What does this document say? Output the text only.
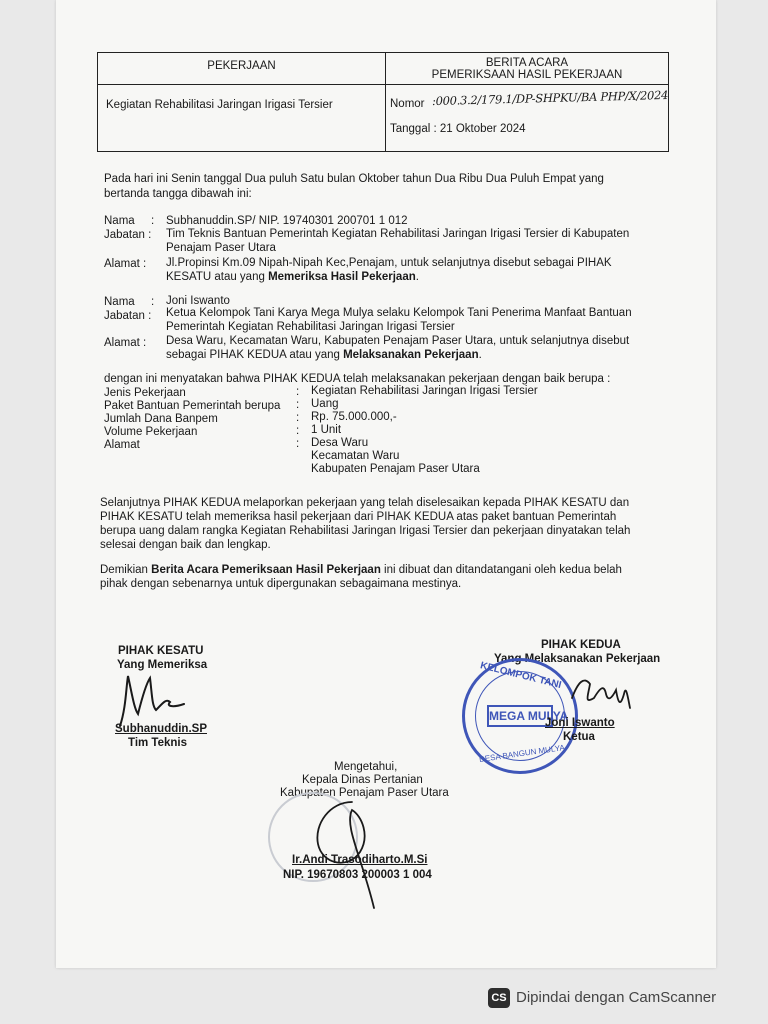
PEKERJAAN	BERITA ACARA
PEMERIKSAAN HASIL PEKERJAAN
Kegiatan Rehabilitasi Jaringan Irigasi Tersier	Nomor :000.3.2/179.1/DP-SHPKU/BA PHP/X/2024
Tanggal : 21 Oktober 2024
Pada hari ini Senin tanggal Dua puluh Satu bulan Oktober tahun Dua Ribu Dua Puluh Empat yang
bertanda tangga dibawah ini:
Nama : Subhanuddin.SP/ NIP. 19740301 200701 1 012
Jabatan : Tim Teknis Bantuan Pemerintah Kegiatan Rehabilitasi Jaringan Irigasi Tersier di Kabupaten
Penajam Paser Utara
Alamat : Jl.Propinsi Km.09 Nipah-Nipah Kec,Penajam, untuk selanjutnya disebut sebagai PIHAK
KESATU atau yang Memeriksa Hasil Pekerjaan.
Nama : Joni Iswanto
Jabatan : Ketua Kelompok Tani Karya Mega Mulya selaku Kelompok Tani Penerima Manfaat Bantuan
Pemerintah Kegiatan Rehabilitasi Jaringan Irigasi Tersier
Alamat : Desa Waru, Kecamatan Waru, Kabupaten Penajam Paser Utara, untuk selanjutnya disebut
sebagai PIHAK KEDUA atau yang Melaksanakan Pekerjaan.
dengan ini menyatakan bahwa PIHAK KEDUA telah melaksanakan pekerjaan dengan baik berupa :
Jenis Pekerjaan	: Kegiatan Rehabilitasi Jaringan Irigasi Tersier
Paket Bantuan Pemerintah berupa : Uang
Jumlah Dana Banpem	: Rp. 75.000.000,-
Volume Pekerjaan	: 1 Unit
Alamat	: Desa Waru
Kecamatan Waru
Kabupaten Penajam Paser Utara
Selanjutnya PIHAK KEDUA melaporkan pekerjaan yang telah diselesaikan kepada PIHAK KESATU dan
PIHAK KESATU telah memeriksa hasil pekerjaan dari PIHAK KEDUA atas paket bantuan Pemerintah
berupa uang dalam rangka Kegiatan Rehabilitasi Jaringan Irigasi Tersier dan pekerjaan dinyatakan telah
selesai dengan baik dan lengkap.
Demikian Berita Acara Pemeriksaan Hasil Pekerjaan ini dibuat dan ditandatangani oleh kedua belah
pihak dengan sebenarnya untuk dipergunakan sebagaimana mestinya.
PIHAK KESATU
Yang Memeriksa
Subhanuddin.SP
Tim Teknis
PIHAK KEDUA
Yang Melaksanakan Pekerjaan
KELOMPOK TANI
MEGA MULYA
DESA BANGUN MULYA
Joni Iswanto
Ketua
Mengetahui,
Kepala Dinas Pertanian
Kabupaten Penajam Paser Utara
Ir.Andi Trasodiharto.M.Si
NIP. 19670803 200003 1 004
CS Dipindai dengan CamScanner
